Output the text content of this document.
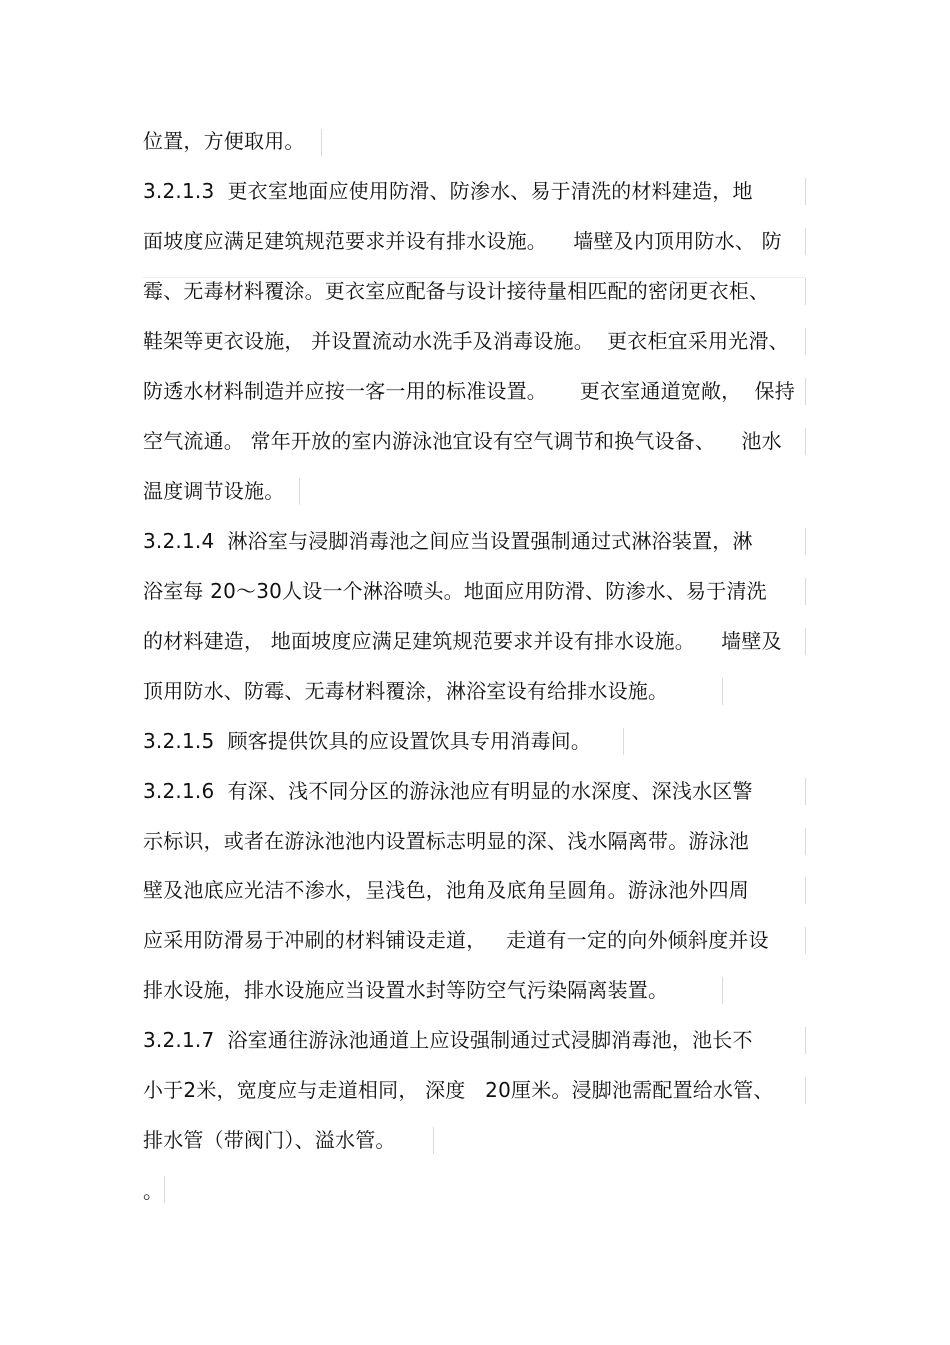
位置，方便取用。
3.2.1.3  更衣室地面应使用防滑、防渗水、易于清洗的材料建造，地
面坡度应满足建筑规范要求并设有排水设施。    墙壁及内顶用防水、 防
霉、无毒材料覆涂。更衣室应配备与设计接待量相匹配的密闭更衣柜、
鞋架等更衣设施， 并设置流动水洗手及消毒设施。  更衣柜宜采用光滑、
防透水材料制造并应按一客一用的标准设置。     更衣室通道宽敞，  保持
空气流通。 常年开放的室内游泳池宜设有空气调节和换气设备、    池水
温度调节设施。
3.2.1.4  淋浴室与浸脚消毒池之间应当设置强制通过式淋浴装置，淋
浴室每 20～30人设一个淋浴喷头。地面应用防滑、防渗水、易于清洗
的材料建造， 地面坡度应满足建筑规范要求并设有排水设施。    墙壁及
顶用防水、防霉、无毒材料覆涂，淋浴室设有给排水设施。
3.2.1.5  顾客提供饮具的应设置饮具专用消毒间。
3.2.1.6  有深、浅不同分区的游泳池应有明显的水深度、深浅水区警
示标识，或者在游泳池池内设置标志明显的深、浅水隔离带。游泳池
壁及池底应光洁不渗水，呈浅色，池角及底角呈圆角。游泳池外四周
应采用防滑易于冲刷的材料铺设走道，   走道有一定的向外倾斜度并设
排水设施，排水设施应当设置水封等防空气污染隔离装置。
3.2.1.7  浴室通往游泳池通道上应设强制通过式浸脚消毒池，池长不
小于2米，宽度应与走道相同， 深度   20厘米。浸脚池需配置给水管、
排水管（带阀门）、溢水管。
。
